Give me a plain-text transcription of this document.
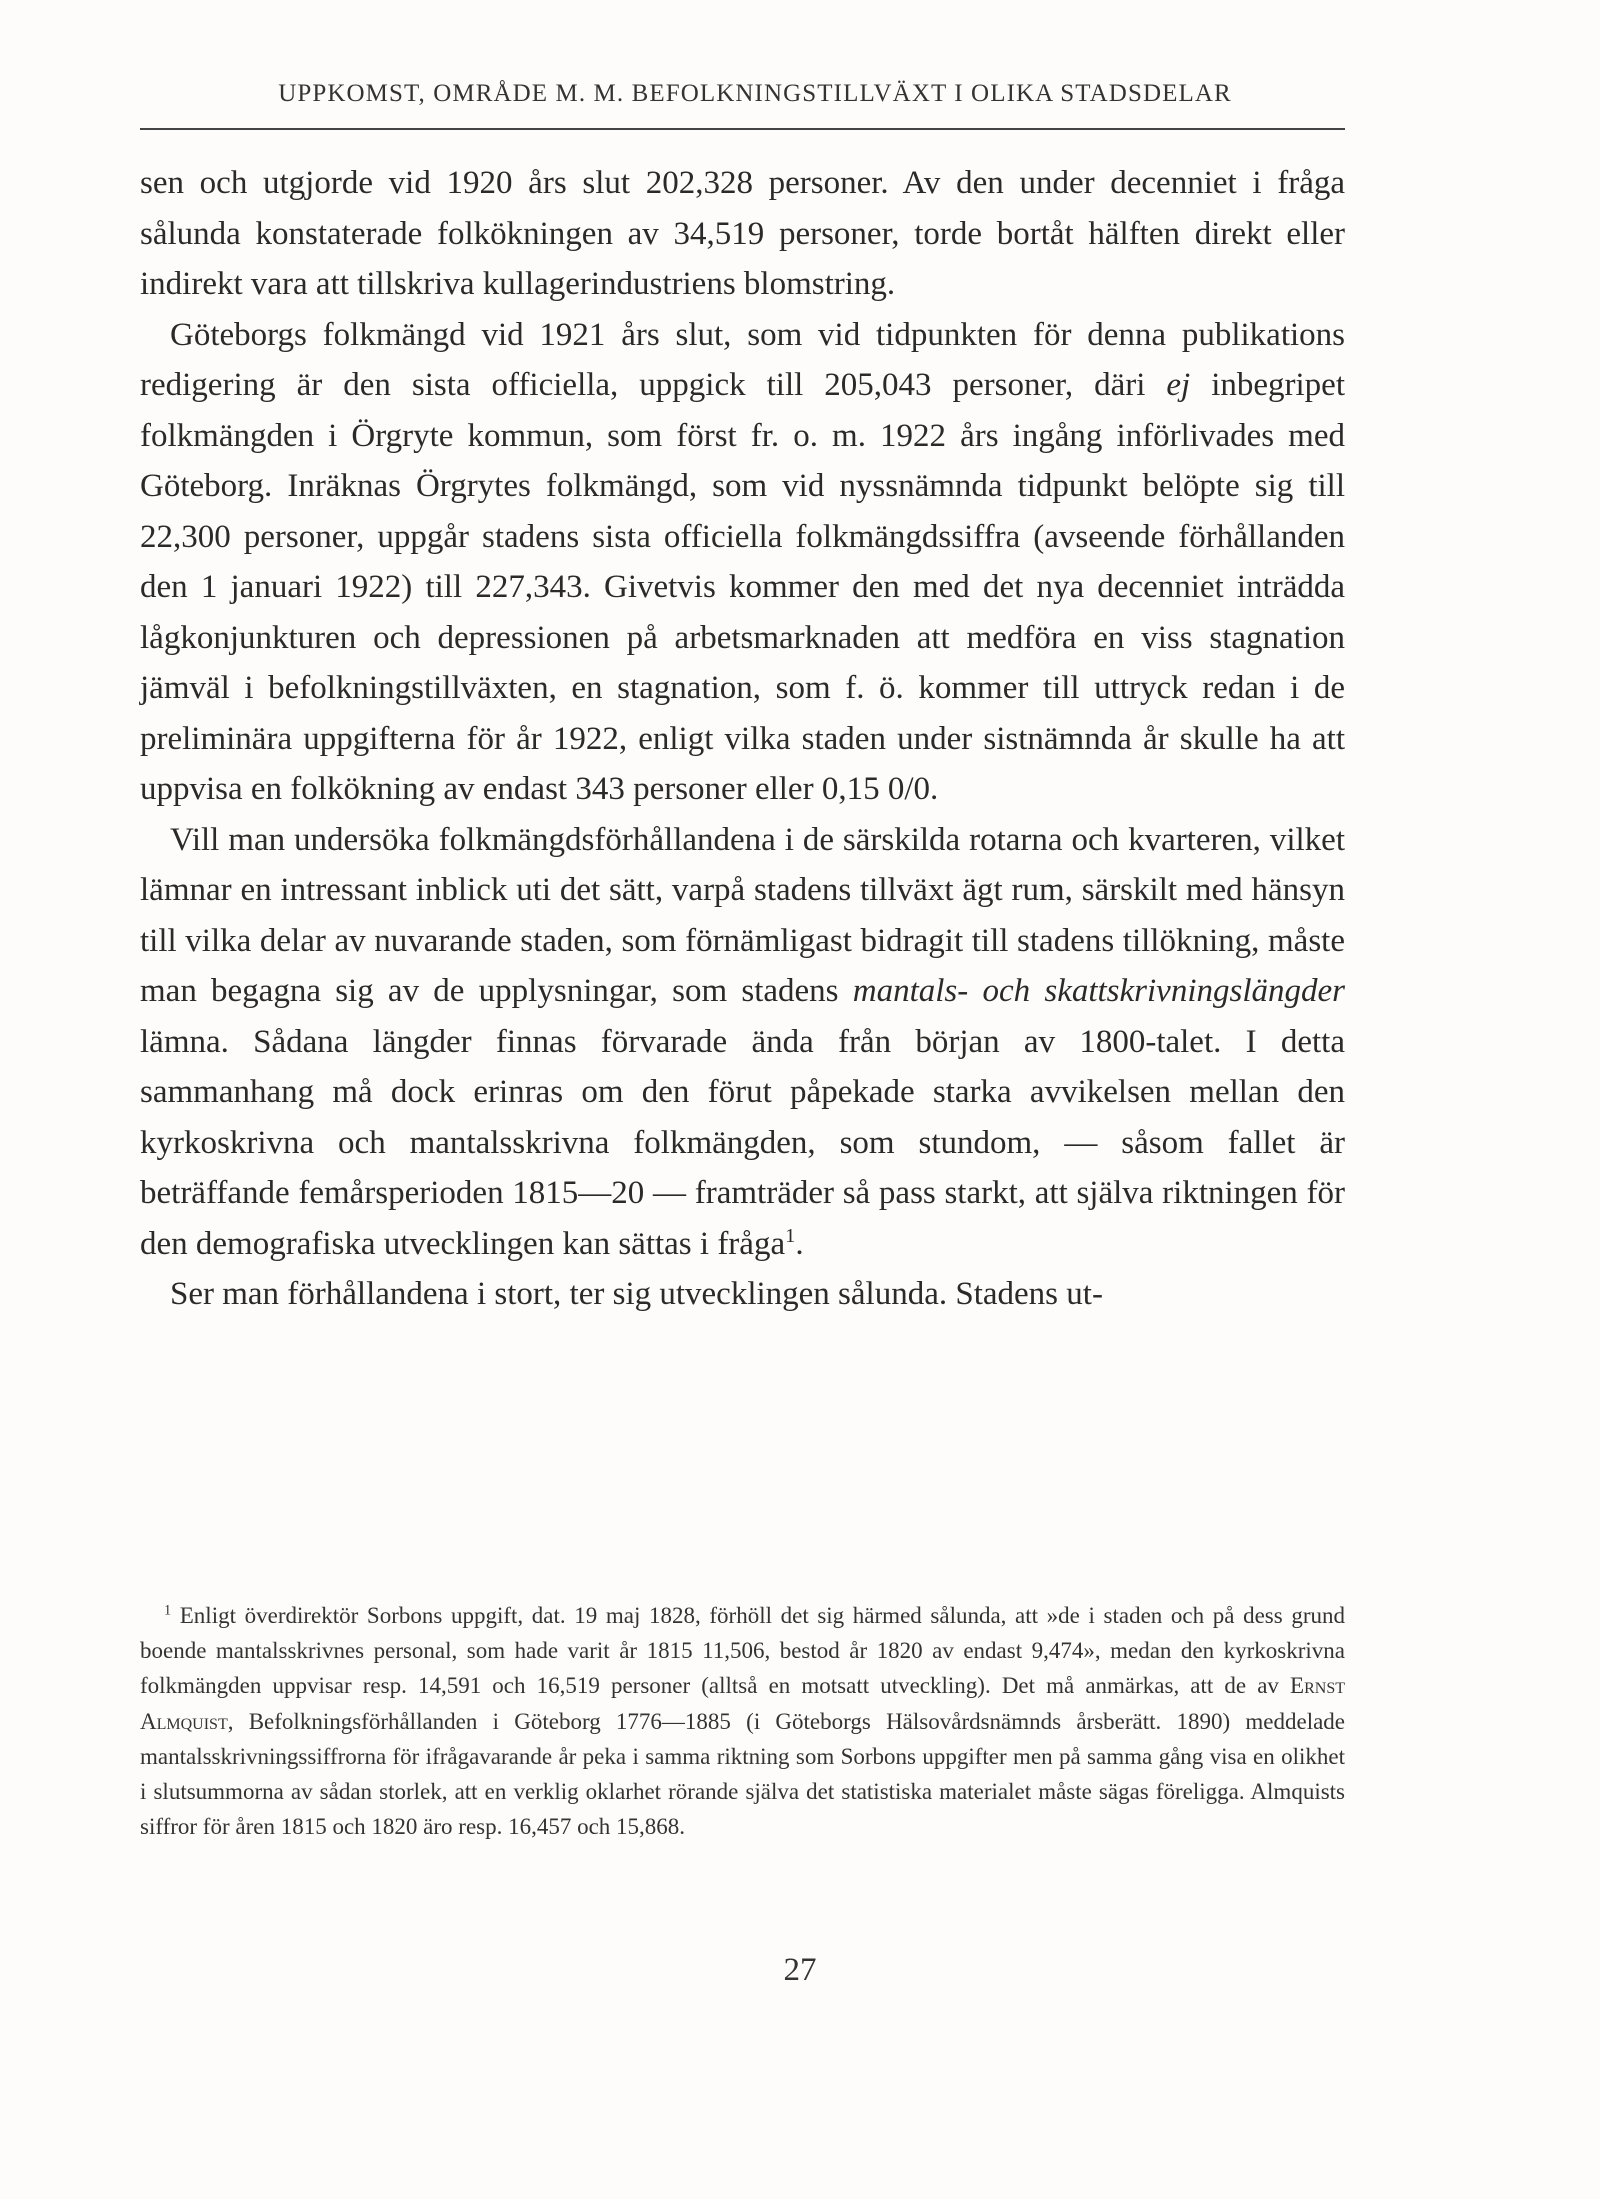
UPPKOMST, OMRÅDE M. M. BEFOLKNINGSTILLVÄXT I OLIKA STADSDELAR

sen och utgjorde vid 1920 års slut 202,328 personer. Av den under decenniet i fråga sålunda konstaterade folkökningen av 34,519 personer, torde bortåt hälften direkt eller indirekt vara att tillskriva kullagerindustriens blomstring.

Göteborgs folkmängd vid 1921 års slut, som vid tidpunkten för denna publikations redigering är den sista officiella, uppgick till 205,043 personer, däri ej inbegripet folkmängden i Örgryte kommun, som först fr. o. m. 1922 års ingång införlivades med Göteborg. Inräknas Örgrytes folkmängd, som vid nyssnämnda tidpunkt belöpte sig till 22,300 personer, uppgår stadens sista officiella folkmängdssiffra (avseende förhållanden den 1 januari 1922) till 227,343. Givetvis kommer den med det nya decenniet inträdda lågkonjunkturen och depressionen på arbetsmarknaden att medföra en viss stagnation jämväl i befolkningstillväxten, en stagnation, som f. ö. kommer till uttryck redan i de preliminära uppgifterna för år 1922, enligt vilka staden under sistnämnda år skulle ha att uppvisa en folkökning av endast 343 personer eller 0,15 0/0.

Vill man undersöka folkmängdsförhållandena i de särskilda rotarna och kvarteren, vilket lämnar en intressant inblick uti det sätt, varpå stadens tillväxt ägt rum, särskilt med hänsyn till vilka delar av nuvarande staden, som förnämligast bidragit till stadens tillökning, måste man begagna sig av de upplysningar, som stadens mantals- och skattskrivningslängder lämna. Sådana längder finnas förvarade ända från början av 1800-talet. I detta sammanhang må dock erinras om den förut påpekade starka avvikelsen mellan den kyrkoskrivna och mantalsskrivna folkmängden, som stundom, — såsom fallet är beträffande femårsperioden 1815—20 — framträder så pass starkt, att själva riktningen för den demografiska utvecklingen kan sättas i fråga$^1$.

Ser man förhållandena i stort, ter sig utvecklingen sålunda. Stadens ut-

$^1$ Enligt överdirektör Sorbons uppgift, dat. 19 maj 1828, förhöll det sig härmed sålunda, att »de i staden och på dess grund boende mantalsskrivnes personal, som hade varit år 1815 11,506, bestod år 1820 av endast 9,474», medan den kyrkoskrivna folkmängden uppvisar resp. 14,591 och 16,519 personer (alltså en motsatt utveckling). Det må anmärkas, att de av Ernst Almquist, Befolkningsförhållanden i Göteborg 1776—1885 (i Göteborgs Hälsovårdsnämnds årsberätt. 1890) meddelade mantalsskrivningssiffrorna för ifrågavarande år peka i samma riktning som Sorbons uppgifter men på samma gång visa en olikhet i slutsummorna av sådan storlek, att en verklig oklarhet rörande själva det statistiska materialet måste sägas föreligga. Almquists siffror för åren 1815 och 1820 äro resp. 16,457 och 15,868.

27
